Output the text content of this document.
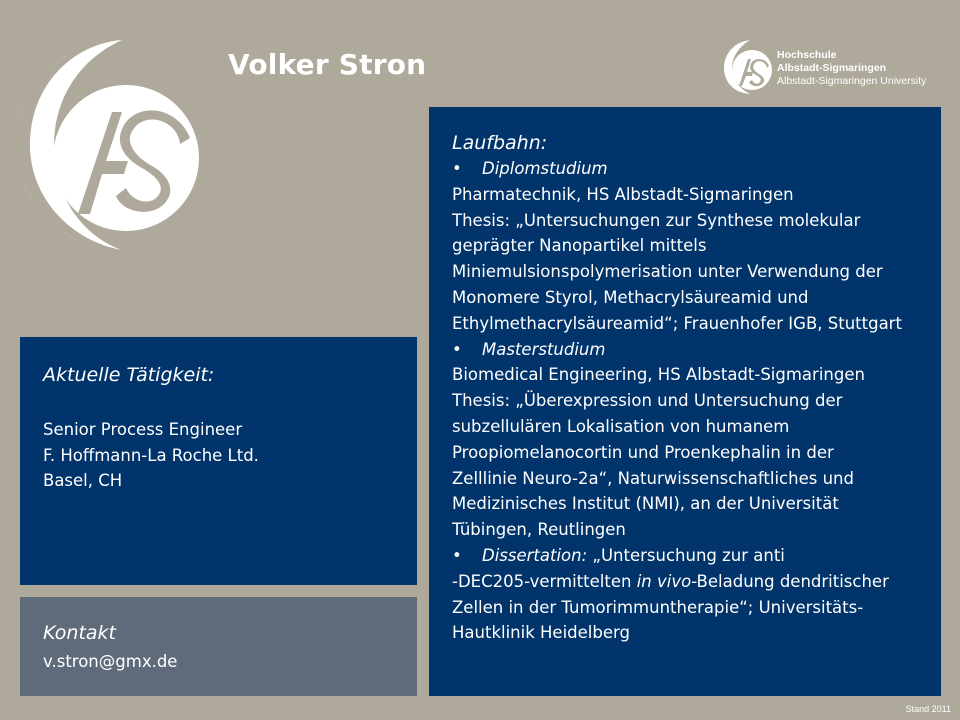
Volker Stron	Hochschule
Albstadt-Sigmaringen
Albstadt-Sigmaringen University
Aktuelle Tätigkeit:
Senior Process Engineer
F. Hoffmann-La Roche Ltd.
Basel, CH
Kontakt
v.stron@gmx.de
Laufbahn:
• Diplomstudium
Pharmatechnik, HS Albstadt-Sigmaringen
Thesis: „Untersuchungen zur Synthese molekular
geprägter Nanopartikel mittels
Miniemulsionspolymerisation unter Verwendung der
Monomere Styrol, Methacrylsäureamid und
Ethylmethacrylsäureamid“; Frauenhofer IGB, Stuttgart
• Masterstudium
Biomedical Engineering, HS Albstadt-Sigmaringen
Thesis: „Überexpression und Untersuchung der
subzellulären Lokalisation von humanem
Proopiomelanocortin und Proenkephalin in der
Zelllinie Neuro-2a“, Naturwissenschaftliches und
Medizinisches Institut (NMI), an der Universität
Tübingen, Reutlingen
• Dissertation: „Untersuchung zur anti
-DEC205-vermittelten in vivo-Beladung dendritischer
Zellen in der Tumorimmuntherapie“; Universitäts-
Hautklinik Heidelberg
Stand 2011
